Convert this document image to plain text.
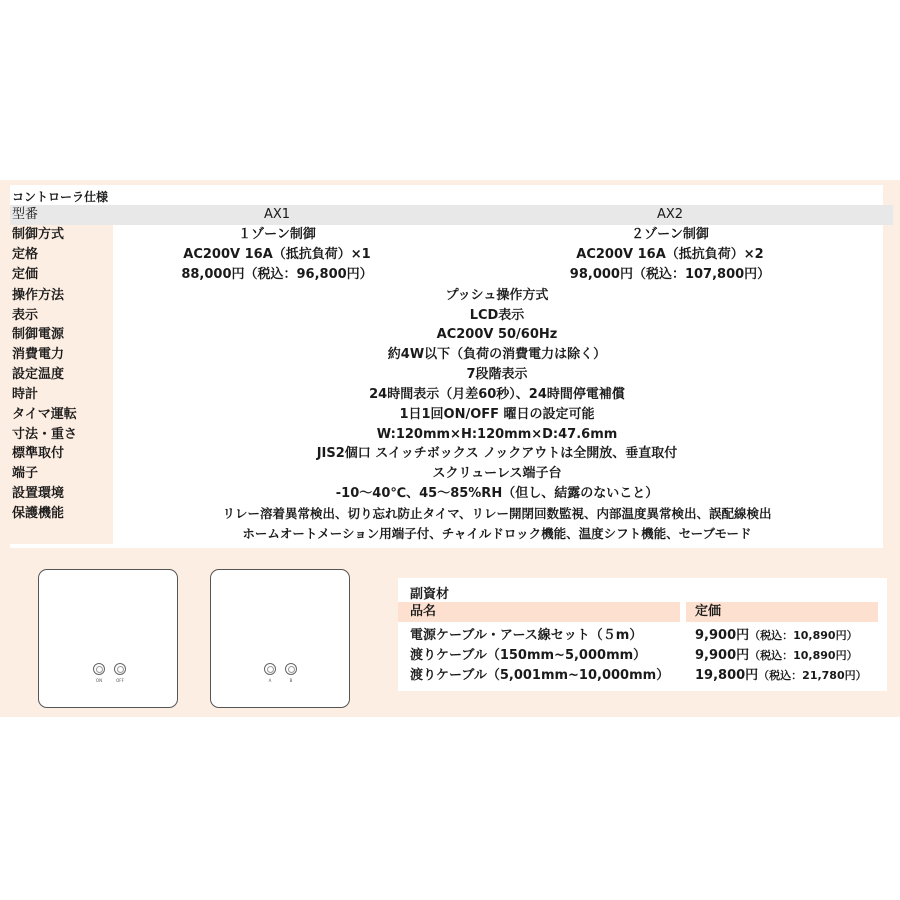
コントローラ仕様
型番	AX1	AX2
制御方式	１ゾーン制御	２ゾーン制御
定格	AC200V 16A（抵抗負荷）×1	AC200V 16A（抵抗負荷）×2
定価	88,000円（税込：96,800円）	98,000円（税込：107,800円）
操作方法	プッシュ操作方式
表示	LCD表示
制御電源	AC200V 50/60Hz
消費電力	約4W以下（負荷の消費電力は除く）
設定温度	7段階表示
時計	24時間表示（月差60秒）、24時間停電補償
タイマ運転	1日1回ON/OFF 曜日の設定可能
寸法・重さ	W:120mm×H:120mm×D:47.6mm
標準取付	JIS2個口 スイッチボックス ノックアウトは全開放、垂直取付
端子	スクリューレス端子台
設置環境	-10～40℃、45～85%RH（但し、結露のないこと）
保護機能	リレー溶着異常検出、切り忘れ防止タイマ、リレー開閉回数監視、内部温度異常検出、誤配線検出
ホームオートメーション用端子付、チャイルドロック機能、温度シフト機能、セーブモード
ON	OFF	A	B
副資材
品名	定価
電源ケーブル・アース線セット（５m）	9,900円（税込：10,890円）
渡りケーブル（150mm~5,000mm）	9,900円（税込：10,890円）
渡りケーブル（5,001mm~10,000mm） 19,800円（税込：21,780円）
